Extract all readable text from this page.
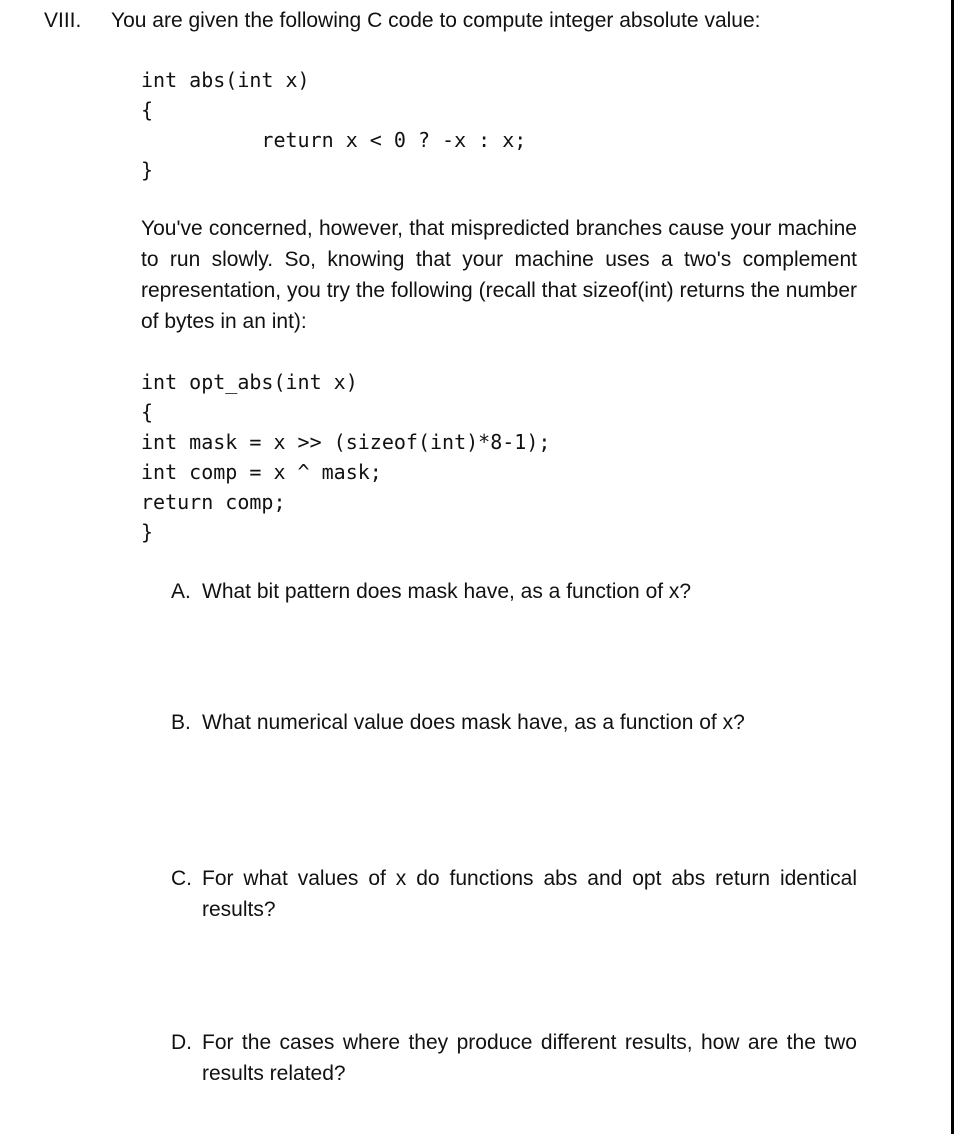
VIII. You are given the following C code to compute integer absolute value:
int abs(int x)
{
return x < 0 ? -x : x;
}
You've concerned, however, that mispredicted branches cause your machine to run slowly. So, knowing that your machine uses a two's complement representation, you try the following (recall that sizeof(int) returns the number of bytes in an int):
int opt_abs(int x)
{
int mask = x >> (sizeof(int)*8-1);
int comp = x ^ mask;
return comp;
}
A. What bit pattern does mask have, as a function of x?
B. What numerical value does mask have, as a function of x?
C. For what values of x do functions abs and opt abs return identical results?
D. For the cases where they produce different results, how are the two results related?
